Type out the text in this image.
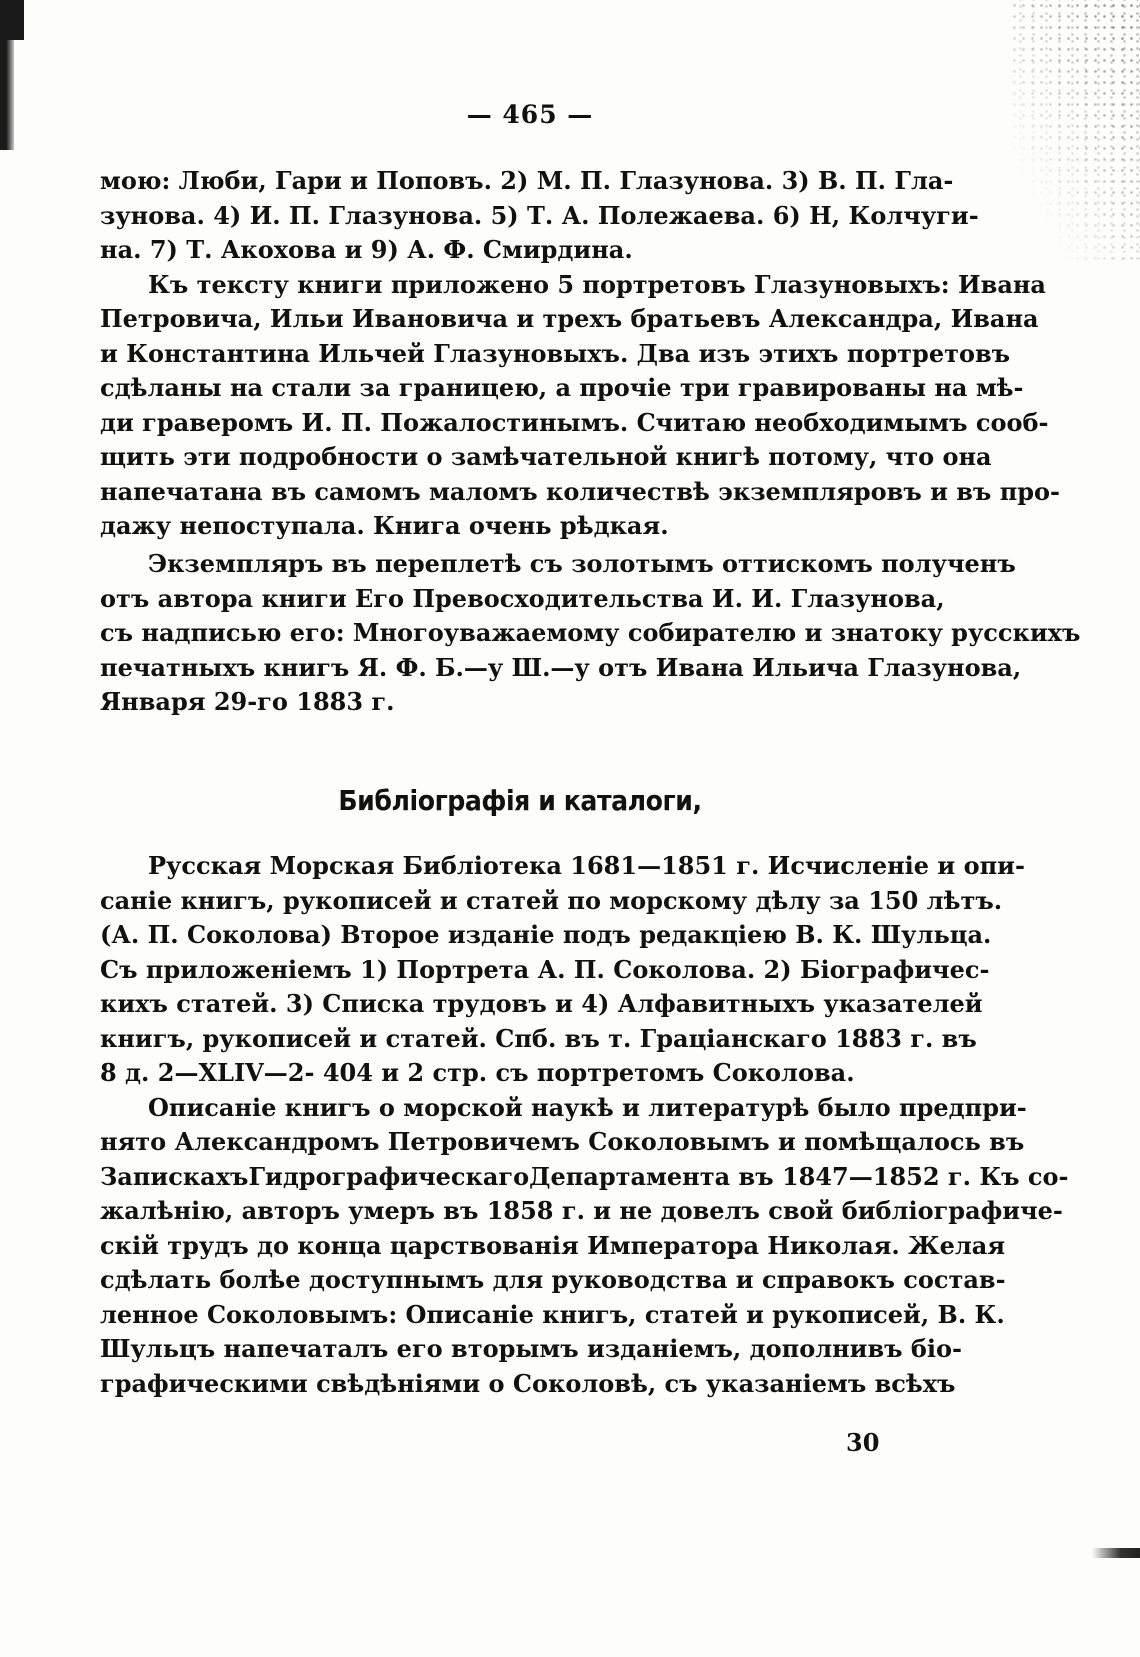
— 465 —
мою: Люби, Гари и Поповъ. 2) М. П. Глазунова. 3) В. П. Гла-
зунова. 4) И. П. Глазунова. 5) Т. А. Полежаева. 6) Н, Колчуги-
на. 7) Т. Акохова и 9) А. Ф. Смирдина.
Къ тексту книги приложено 5 портретовъ Глазуновыхъ: Ивана
Петровича, Ильи Ивановича и трехъ братьевъ Александра, Ивана
и Константина Ильчей Глазуновыхъ. Два изъ этихъ портретовъ
сдѣланы на стали за границею, а прочіе три гравированы на мѣ-
ди граверомъ И. П. Пожалостинымъ. Считаю необходимымъ сооб-
щить эти подробности о замѣчательной книгѣ потому, что она
напечатана въ самомъ маломъ количествѣ экземпляровъ и въ про-
дажу непоступала. Книга очень рѣдкая.
Экземпляръ въ переплетѣ съ золотымъ оттискомъ полученъ
отъ автора книги Его Превосходительства И. И. Глазунова,
съ надписью его: Многоуважаемому собирателю и знатоку русскихъ
печатныхъ книгъ Я. Ф. Б.—у Ш.—у отъ Ивана Ильича Глазунова,
Января 29-го 1883 г.
Библіографія и каталоги,
Русская Морская Библіотека 1681—1851 г. Исчисленіе и опи-
саніе книгъ, рукописей и статей по морскому дѣлу за 150 лѣтъ.
(А. П. Соколова) Второе изданіе подъ редакціею В. К. Шульца.
Съ приложеніемъ 1) Портрета А. П. Соколова. 2) Біографичес-
кихъ статей. 3) Списка трудовъ и 4) Алфавитныхъ указателей
книгъ, рукописей и статей. Спб. въ т. Граціанскаго 1883 г. въ
8 д. 2—XLIV—2- 404 и 2 стр. съ портретомъ Соколова.
Описаніе книгъ о морской наукѣ и литературѣ было предпри-
нято Александромъ Петровичемъ Соколовымъ и помѣщалось въ
ЗапискахъГидрографическагоДепартамента въ 1847—1852 г. Къ со-
жалѣнію, авторъ умеръ въ 1858 г. и не довелъ свой библіографиче-
скій трудъ до конца царствованія Императора Николая. Желая
сдѣлать болѣе доступнымъ для руководства и справокъ состав-
ленное Соколовымъ: Описаніе книгъ, статей и рукописей, В. К.
Шульцъ напечаталъ его вторымъ изданіемъ, дополнивъ біо-
графическими свѣдѣніями о Соколовѣ, съ указаніемъ всѣхъ
30
